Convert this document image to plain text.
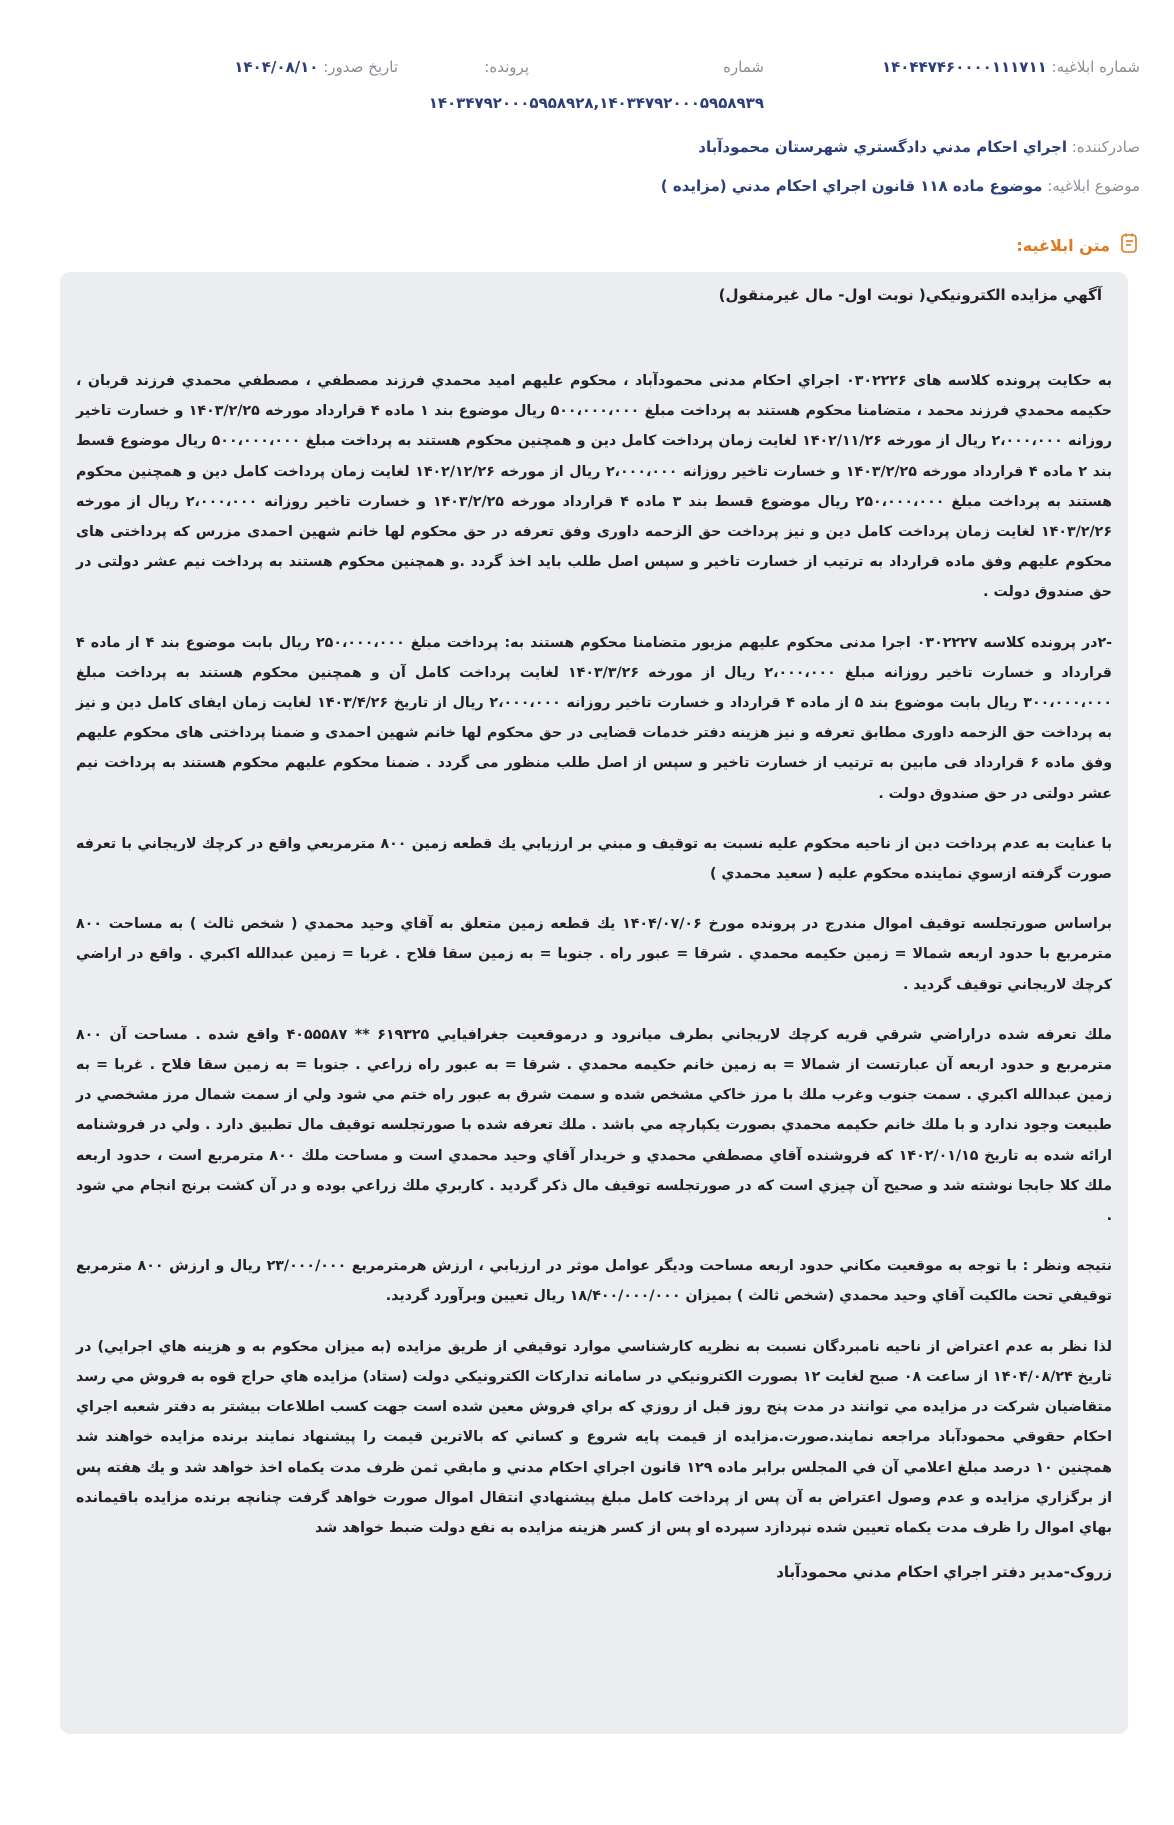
شماره ابلاغيه: ۱۴۰۴۴۷۴۶۰۰۰۰۱۱۱۷۱۱
شماره
پرونده:
تاريخ صدور: ۱۴۰۴/۰۸/۱۰
۱۴۰۳۴۷۹۲۰۰۰۵۹۵۸۹۲۸,۱۴۰۳۴۷۹۲۰۰۰۵۹۵۸۹۳۹
صادرکننده: اجراي احکام مدني دادگستري شهرستان محمودآباد
موضوع ابلاغيه: موضوع ماده ۱۱۸ قانون اجراي احکام مدني (مزايده )
متن ابلاغيه:
آگهي مزايده الکترونيکي( نوبت اول- مال غيرمنقول)

به حکايت پرونده کلاسه های ۰۳۰۲۲۲۶ اجراي احکام مدنی محمودآباد ، محکوم عليهم اميد محمدي فرزند مصطفي ، مصطفي محمدي فرزند قربان ، حکيمه محمدي فرزند محمد ، متضامنا محکوم هستند به پرداخت مبلغ ۵۰۰،۰۰۰،۰۰۰ ريال موضوع بند ۱ ماده ۴ قرارداد مورخه ۱۴۰۳/۲/۲۵ و خسارت تاخير روزانه ۲،۰۰۰،۰۰۰ ريال از مورخه ۱۴۰۲/۱۱/۲۶ لغايت زمان پرداخت کامل دين و همچنين محکوم هستند به پرداخت مبلغ ۵۰۰،۰۰۰،۰۰۰ ريال موضوع قسط بند ۲ ماده ۴ قرارداد مورخه ۱۴۰۳/۲/۲۵ و خسارت تاخير روزانه ۲،۰۰۰،۰۰۰ ريال از مورخه ۱۴۰۲/۱۲/۲۶ لغايت زمان پرداخت کامل دين و همچنين محکوم هستند به پرداخت مبلغ ۲۵۰،۰۰۰،۰۰۰ ريال موضوع قسط بند ۳ ماده ۴ قرارداد مورخه ۱۴۰۳/۲/۲۵ و خسارت تاخير روزانه ۲،۰۰۰،۰۰۰ ريال از مورخه ۱۴۰۳/۲/۲۶ لغايت زمان پرداخت کامل دين و نيز پرداخت حق الزحمه داوری وفق تعرفه در حق محکوم لها خانم شهين احمدی مزرس که پرداختی های محکوم عليهم وفق ماده قرارداد به ترتيب از خسارت تاخير و سپس اصل طلب بايد اخذ گردد .و همچنين محکوم هستند به پرداخت نيم عشر دولتی در حق صندوق دولت .

-۲در پرونده کلاسه ۰۳۰۲۲۲۷ اجرا مدنی محکوم عليهم مزبور متضامنا محکوم هستند به: پرداخت مبلغ ۲۵۰،۰۰۰،۰۰۰ ريال بابت موضوع بند ۴ از ماده ۴ قرارداد و خسارت تاخير روزانه مبلغ ۲،۰۰۰،۰۰۰ ريال از مورخه ۱۴۰۳/۳/۲۶ لغايت پرداخت کامل آن و همچنين محکوم هستند به پرداخت مبلغ ۳۰۰،۰۰۰،۰۰۰ ريال بابت موضوع بند ۵ از ماده ۴ قرارداد و خسارت تاخير روزانه ۲،۰۰۰،۰۰۰ ريال از تاريخ ۱۴۰۳/۴/۲۶ لغايت زمان ايفای کامل دين و نيز به پرداخت حق الزحمه داوری مطابق تعرفه و نيز هزينه دفتر خدمات قضايی در حق محکوم لها خانم شهين احمدی و ضمنا پرداختی های محکوم عليهم وفق ماده ۶ قرارداد فی مابين به ترتيب از خسارت تاخير و سپس از اصل طلب منظور می گردد . ضمنا محکوم عليهم محکوم هستند به پرداخت نيم عشر دولتی در حق صندوق دولت .

با عنايت به عدم پرداخت دين از ناحيه محکوم عليه نسبت به توقيف و مبني بر ارزيابي يك قطعه زمين ۸۰۰ مترمربعي واقع در كرچك لاريجاني با تعرفه صورت گرفته ازسوي نماينده محکوم عليه ( سعيد محمدي )

براساس صورتجلسه توقيف اموال مندرج در پرونده مورخ ۱۴۰۴/۰۷/۰۶ يك قطعه زمين متعلق به آقاي وحيد محمدي ( شخص ثالث ) به مساحت ۸۰۰ مترمربع با حدود اربعه شمالا = زمين حكيمه محمدي . شرقا = عبور راه . جنوبا = به زمين سقا فلاح . غربا = زمين عبدالله اكبري . واقع در اراضي كرچك لاريجاني توقيف گرديد .

ملك تعرفه شده دراراضي شرقي قريه كرچك لاريجاني بطرف ميانرود و درموقعيت جغرافيايي ۶۱۹۳۲۵ ** ۴۰۵۵۵۸۷ واقع شده . مساحت آن ۸۰۰ مترمربع و حدود اربعه آن عبارتست از شمالا = به زمين خانم حكيمه محمدي . شرقا = به عبور راه زراعي . جنوبا = به زمين سقا فلاح . غربا = به زمين عبدالله اكبري . سمت جنوب وغرب ملك با مرز خاكي مشخص شده و سمت شرق به عبور راه ختم مي شود ولي از سمت شمال مرز مشخصي در طبيعت وجود ندارد و با ملك خانم حكيمه محمدي بصورت يكپارچه مي باشد . ملك تعرفه شده با صورتجلسه توقيف مال تطبيق دارد . ولي در فروشنامه ارائه شده به تاريخ ۱۴۰۲/۰۱/۱۵ كه فروشنده آقاي مصطفي محمدي و خريدار آقاي وحيد محمدي است و مساحت ملك ۸۰۰ مترمربع است ، حدود اربعه ملك كلا جابجا نوشته شد و صحيح آن چيزي است كه در صورتجلسه توقيف مال ذكر گرديد . كاربري ملك زراعي بوده و در آن كشت برنج انجام مي شود .

نتيجه ونظر : با توجه به موقعيت مكاني حدود اربعه مساحت وديگر عوامل موثر در ارزيابي ، ارزش هرمترمربع ۲۳/۰۰۰/۰۰۰ ريال و ارزش ۸۰۰ مترمربع توقيفي تحت مالكيت آقاي وحيد محمدي (شخص ثالث ) بميزان ۱۸/۴۰۰/۰۰۰/۰۰۰ ريال تعيين وبرآورد گرديد.

لذا نظر به عدم اعتراض از ناحيه نامبردگان نسبت به نظريه كارشناسي موارد توقيفي از طريق مزايده (به ميزان محكوم به و هزينه هاي اجرايي) در تاريخ ۱۴۰۴/۰۸/۲۴ از ساعت ۰۸ صبح لغايت ۱۲ بصورت الکترونيکي در سامانه تدارکات الکترونيکي دولت (ستاد) مزايده هاي حراج قوه به فروش مي رسد متقاضيان شركت در مزايده مي توانند در مدت پنج روز قبل از روزي كه براي فروش معين شده است جهت كسب اطلاعات بيشتر به دفتر شعبه اجراي احكام حقوقي محمودآباد مراجعه نمايند.صورت.مزايده از قيمت پايه شروع و كساني كه بالاترين قيمت را پيشنهاد نمايند برنده مزايده خواهند شد همچنين ۱۰ درصد مبلغ اعلامي آن في المجلس برابر ماده ۱۲۹ قانون اجراي احكام مدني و مابقي ثمن ظرف مدت يكماه اخذ خواهد شد و يك هفته پس از برگزاري مزايده و عدم وصول اعتراض به آن پس از پرداخت كامل مبلغ پيشنهادي انتقال اموال صورت خواهد گرفت چنانچه برنده مزايده باقيمانده بهاي اموال را ظرف مدت يكماه تعيين شده نپردازد سپرده او پس از كسر هزينه مزايده به نفع دولت ضبط خواهد شد

زروک-مدير دفتر اجراي احکام مدني محمودآباد
